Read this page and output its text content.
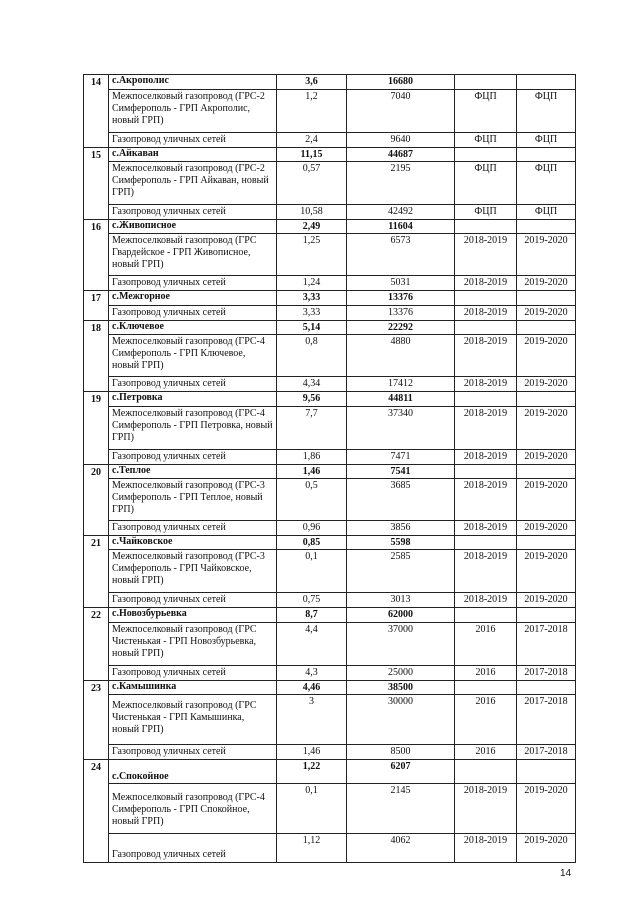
14	с.Акрополис	3,6	16680		
	Межпоселковый газопровод (ГРС-2 Симферополь - ГРП Акрополис, новый ГРП)	1,2	7040	ФЦП	ФЦП
	Газопровод уличных сетей	2,4	9640	ФЦП	ФЦП
15	с.Айкаван	11,15	44687		
	Межпоселковый газопровод (ГРС-2 Симферополь - ГРП Айкаван, новый ГРП)	0,57	2195	ФЦП	ФЦП
	Газопровод уличных сетей	10,58	42492	ФЦП	ФЦП
16	с.Живописное	2,49	11604		
	Межпоселковый газопровод (ГРС Гвардейское - ГРП Живописное, новый ГРП)	1,25	6573	2018-2019	2019-2020
	Газопровод уличных сетей	1,24	5031	2018-2019	2019-2020
17	с.Межгорное	3,33	13376		
	Газопровод уличных сетей	3,33	13376	2018-2019	2019-2020
18	с.Ключевое	5,14	22292		
	Межпоселковый газопровод (ГРС-4 Симферополь - ГРП Ключевое, новый ГРП)	0,8	4880	2018-2019	2019-2020
	Газопровод уличных сетей	4,34	17412	2018-2019	2019-2020
19	с.Петровка	9,56	44811		
	Межпоселковый газопровод (ГРС-4 Симферополь - ГРП Петровка, новый ГРП)	7,7	37340	2018-2019	2019-2020
	Газопровод уличных сетей	1,86	7471	2018-2019	2019-2020
20	с.Теплое	1,46	7541		
	Межпоселковый газопровод (ГРС-3 Симферополь - ГРП Теплое, новый ГРП)	0,5	3685	2018-2019	2019-2020
	Газопровод уличных сетей	0,96	3856	2018-2019	2019-2020
21	с.Чайковское	0,85	5598		
	Межпоселковый газопровод (ГРС-3 Симферополь - ГРП Чайковское, новый ГРП)	0,1	2585	2018-2019	2019-2020
	Газопровод уличных сетей	0,75	3013	2018-2019	2019-2020
22	с.Новозбурьевка	8,7	62000		
	Межпоселковый газопровод (ГРС Чистенькая - ГРП Новозбурьевка, новый ГРП)	4,4	37000	2016	2017-2018
	Газопровод уличных сетей	4,3	25000	2016	2017-2018
23	с.Камышинка	4,46	38500		
	Межпоселковый газопровод (ГРС Чистенькая - ГРП Камышинка, новый ГРП)	3	30000	2016	2017-2018
	Газопровод уличных сетей	1,46	8500	2016	2017-2018
24	с.Спокойное	1,22	6207		
	Межпоселковый газопровод (ГРС-4 Симферополь - ГРП Спокойное, новый ГРП)	0,1	2145	2018-2019	2019-2020
	Газопровод уличных сетей	1,12	4062	2018-2019	2019-2020
14
